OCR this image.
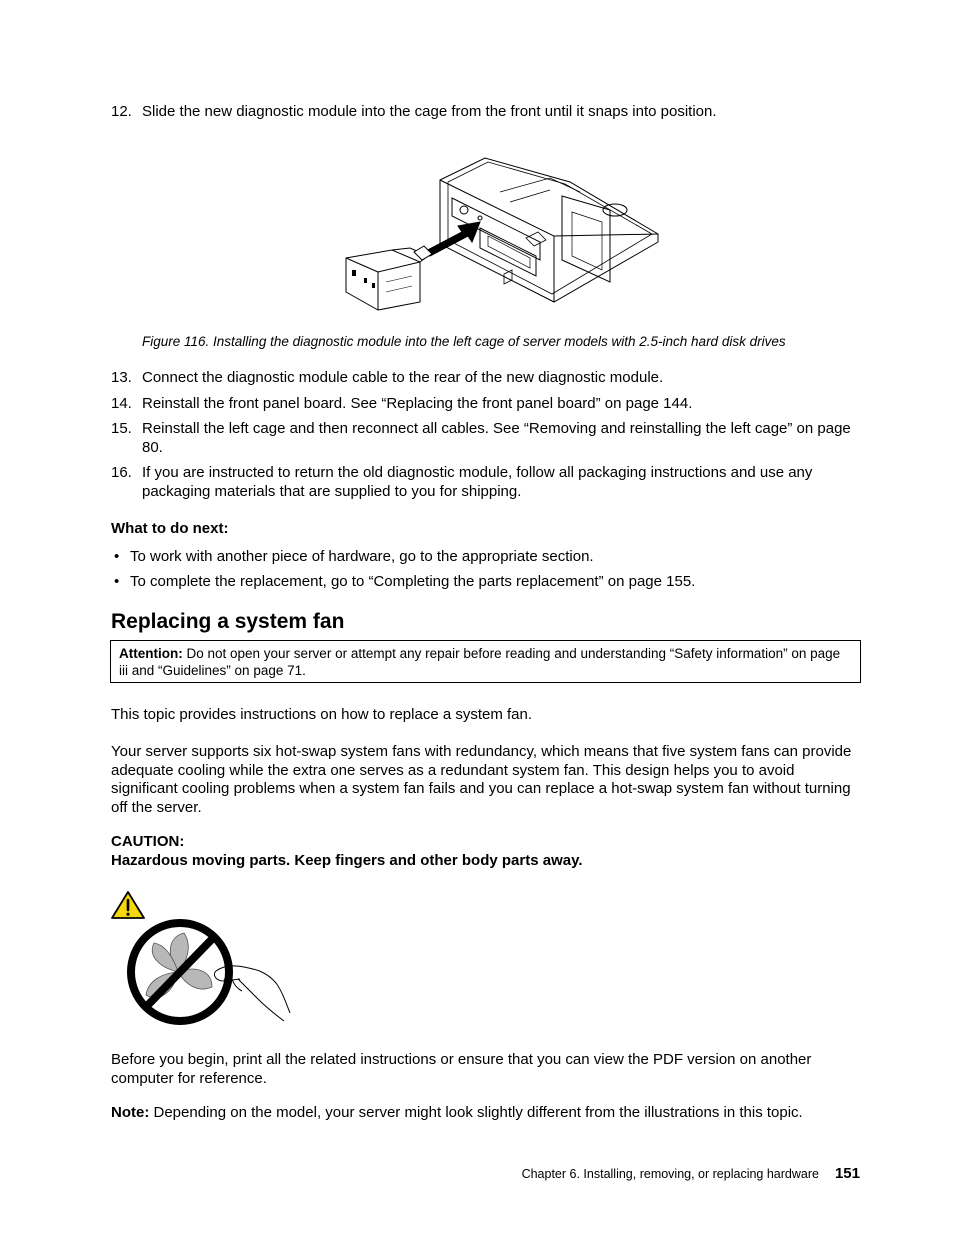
12. Slide the new diagnostic module into the cage from the front until it snaps into position.
Figure 116. Installing the diagnostic module into the left cage of server models with 2.5-inch hard disk drives
13. Connect the diagnostic module cable to the rear of the new diagnostic module.
14. Reinstall the front panel board. See “Replacing the front panel board” on page 144.
15. Reinstall the left cage and then reconnect all cables. See “Removing and reinstalling the left cage” on page 80.
16. If you are instructed to return the old diagnostic module, follow all packaging instructions and use any packaging materials that are supplied to you for shipping.
What to do next:
• To work with another piece of hardware, go to the appropriate section.
• To complete the replacement, go to “Completing the parts replacement” on page 155.
Replacing a system fan
Attention: Do not open your server or attempt any repair before reading and understanding “Safety information” on page iii and “Guidelines” on page 71.
This topic provides instructions on how to replace a system fan.
Your server supports six hot-swap system fans with redundancy, which means that five system fans can provide adequate cooling while the extra one serves as a redundant system fan. This design helps you to avoid significant cooling problems when a system fan fails and you can replace a hot-swap system fan without turning off the server.
CAUTION:
Hazardous moving parts. Keep fingers and other body parts away.
Before you begin, print all the related instructions or ensure that you can view the PDF version on another computer for reference.
Note: Depending on the model, your server might look slightly different from the illustrations in this topic.
Chapter 6. Installing, removing, or replacing hardware 151
